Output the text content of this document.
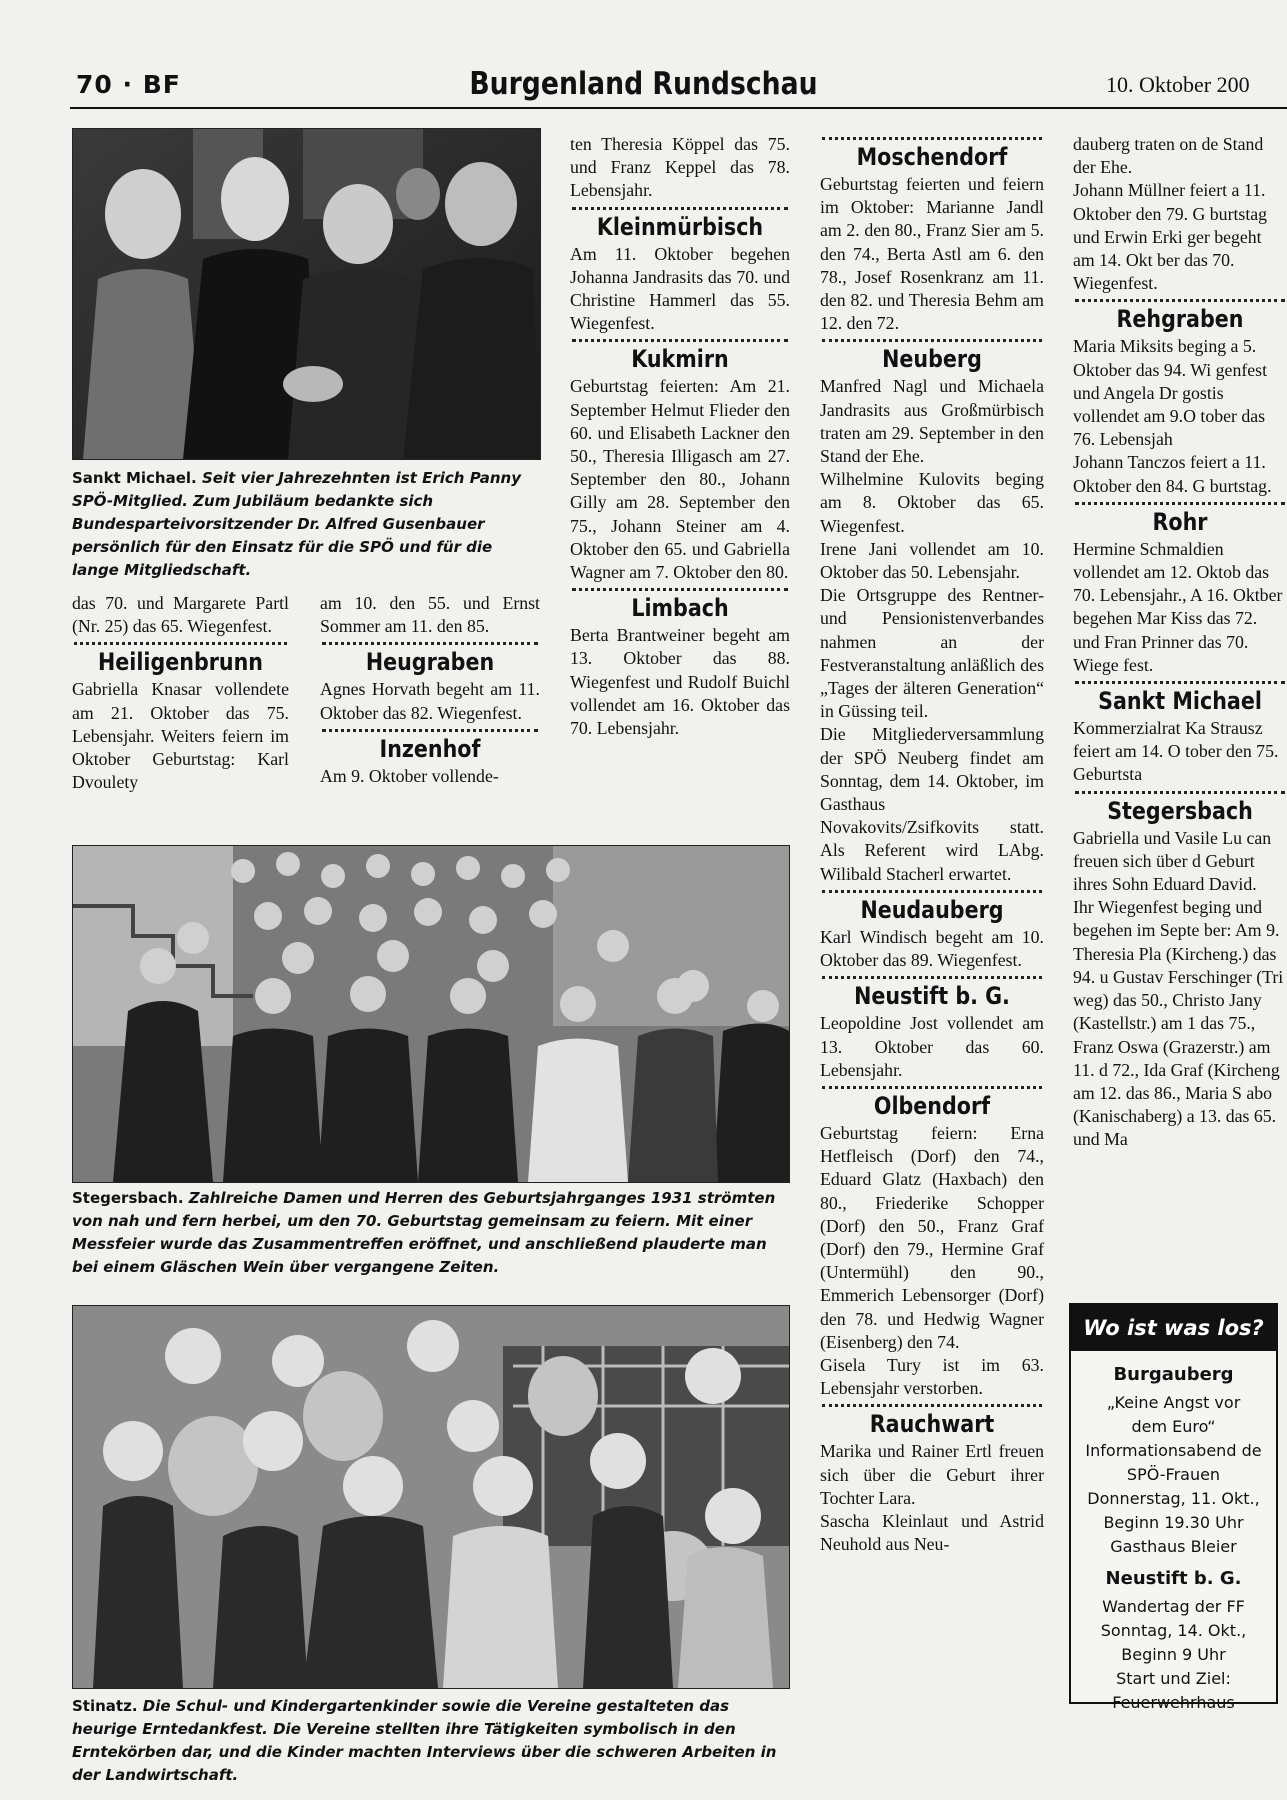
70 · BF	Burgenland Rundschau	10. Oktober 200
Sankt Michael. Seit vier Jahrezehnten ist Erich Panny SPÖ-Mitglied. Zum Jubiläum bedankte sich Bundesparteivorsitzender Dr. Alfred Gusenbauer persönlich für den Einsatz für die SPÖ und für die lange Mitgliedschaft.

das 70. und Margarete Partl (Nr. 25) das 65. Wiegenfest.

Heiligenbrunn

Gabriella Knasar vollendete am 21. Oktober das 75. Lebensjahr. Weiters feiern im Oktober Geburtstag: Karl Dvoulety

am 10. den 55. und Ernst Sommer am 11. den 85.

Heugraben

Agnes Horvath begeht am 11. Oktober das 82. Wiegenfest.

Inzenhof

Am 9. Oktober vollende-

ten Theresia Köppel das 75. und Franz Keppel das 78. Lebensjahr.

Kleinmürbisch

Am 11. Oktober begehen Johanna Jandrasits das 70. und Christine Hammerl das 55. Wiegenfest.

Kukmirn

Geburtstag feierten: Am 21. September Helmut Flieder den 60. und Elisabeth Lackner den 50., Theresia Illigasch am 27. September den 80., Johann Gilly am 28. September den 75., Johann Steiner am 4. Oktober den 65. und Gabriella Wagner am 7. Oktober den 80.

Limbach

Berta Brantweiner begeht am 13. Oktober das 88. Wiegenfest und Rudolf Buichl vollendet am 16. Oktober das 70. Lebensjahr.

Moschendorf

Geburtstag feierten und feiern im Oktober: Marianne Jandl am 2. den 80., Franz Sier am 5. den 74., Berta Astl am 6. den 78., Josef Rosenkranz am 11. den 82. und Theresia Behm am 12. den 72.

Neuberg

Manfred Nagl und Michaela Jandrasits aus Großmürbisch traten am 29. September in den Stand der Ehe.

Wilhelmine Kulovits beging am 8. Oktober das 65. Wiegenfest.

Irene Jani vollendet am 10. Oktober das 50. Lebensjahr.

Die Ortsgruppe des Rentner- und Pensionistenverbandes nahmen an der Festveranstaltung anläßlich des „Tages der älteren Generation“ in Güssing teil.

Die Mitgliederversammlung der SPÖ Neuberg findet am Sonntag, dem 14. Oktober, im Gasthaus Novakovits/Zsifkovits statt. Als Referent wird LAbg. Wilibald Stacherl erwartet.

Neudauberg

Karl Windisch begeht am 10. Oktober das 89. Wiegenfest.

Neustift b. G.

Leopoldine Jost vollendet am 13. Oktober das 60. Lebensjahr.

Olbendorf

Geburtstag feiern: Erna Hetfleisch (Dorf) den 74., Eduard Glatz (Haxbach) den 80., Friederike Schopper (Dorf) den 50., Franz Graf (Dorf) den 79., Hermine Graf (Untermühl) den 90., Emmerich Lebensorger (Dorf) den 78. und Hedwig Wagner (Eisenberg) den 74.

Gisela Tury ist im 63. Lebensjahr verstorben.

Rauchwart

Marika und Rainer Ertl freuen sich über die Geburt ihrer Tochter Lara.

Sascha Kleinlaut und Astrid Neuhold aus Neu-

dauberg traten on de Stand der Ehe.

Johann Müllner feiert a 11. Oktober den 79. G burtstag und Erwin Erki ger begeht am 14. Okt ber das 70. Wiegenfest.

Rehgraben

Maria Miksits beging a 5. Oktober das 94. Wi genfest und Angela Dr gostis vollendet am 9.O tober das 76. Lebensjah

Johann Tanczos feiert a 11. Oktober den 84. G burtstag.

Rohr

Hermine Schmaldien vollendet am 12. Oktob das 70. Lebensjahr., A 16. Oktber begehen Mar Kiss das 72. und Fran Prinner das 70. Wiege fest.

Sankt Michael

Kommerzialrat Ka Strausz feiert am 14. O tober den 75. Geburtsta

Stegersbach

Gabriella und Vasile Lu can freuen sich über d Geburt ihres Sohn Eduard David.

Ihr Wiegenfest beging und begehen im Septe ber: Am 9. Theresia Pla (Kircheng.) das 94. u Gustav Ferschinger (Tri weg) das 50., Christo Jany (Kastellstr.) am 1 das 75., Franz Oswa (Grazerstr.) am 11. d 72., Ida Graf (Kircheng am 12. das 86., Maria S abo (Kanischaberg) a 13. das 65. und Ma

Stegersbach. Zahlreiche Damen und Herren des Geburtsjahrganges 1931 strömten von nah und fern herbei, um den 70. Geburtstag gemeinsam zu feiern. Mit einer Messfeier wurde das Zusammentreffen eröffnet, und anschließend plauderte man bei einem Gläschen Wein über vergangene Zeiten.
Stinatz. Die Schul- und Kindergartenkinder sowie die Vereine gestalteten das heurige Erntedankfest. Die Vereine stellten ihre Tätigkeiten symbolisch in den Erntekörben dar, und die Kinder machten Interviews über die schweren Arbeiten in der Landwirtschaft.
Wo ist was los?
Burgauberg
„Keine Angst vor
dem Euro“
Informationsabend de
SPÖ-Frauen
Donnerstag, 11. Okt.,
Beginn 19.30 Uhr
Gasthaus Bleier
Neustift b. G.
Wandertag der FF
Sonntag, 14. Okt.,
Beginn 9 Uhr
Start und Ziel:
Feuerwehrhaus
